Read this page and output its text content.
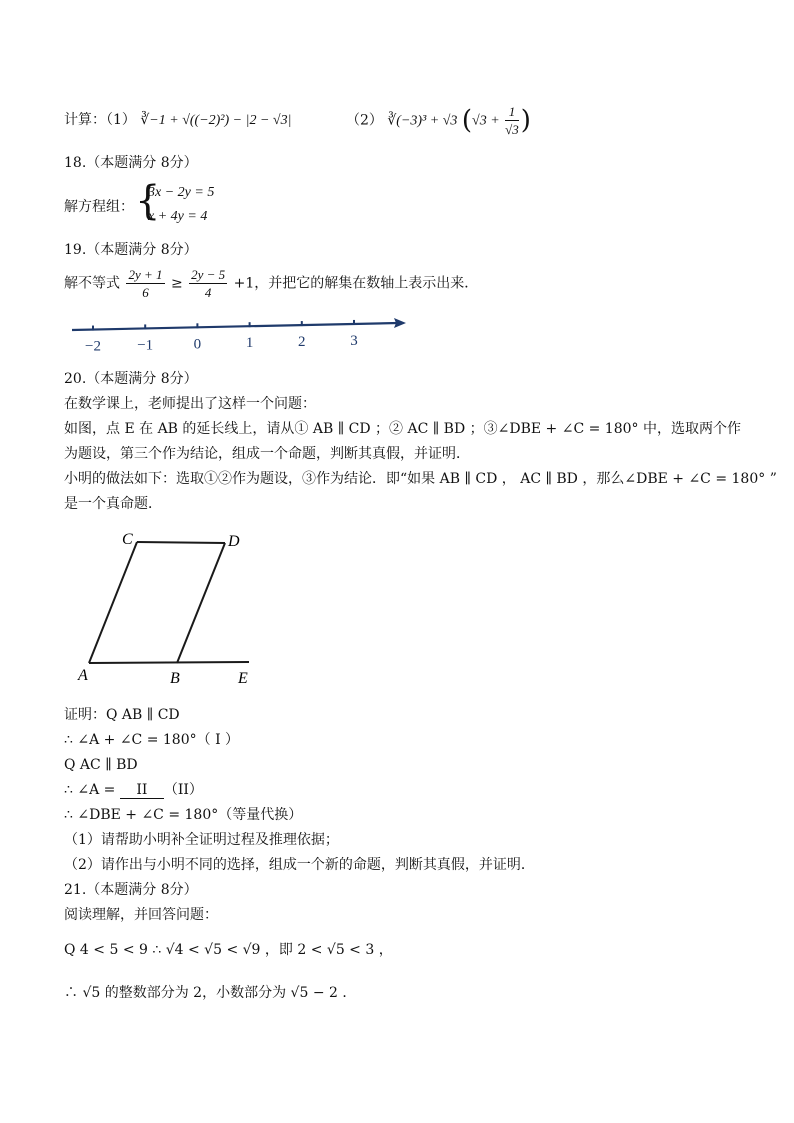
计算：（1） ∛−1 + √((−2)²) − |2 − √3|	（2） ∛(−3)³ + √3 ($√3 + \frac{1}{√3}$ )
18.（本题满分 8分）
解方程组： {
3x − 2y = 5
x + 4y = 4
19.（本题满分 8分）
解不等式 $\frac{2y + 1}{6} \ge \frac{2y - 5}{4} +1$，并把它的解集在数轴上表示出来．
−2 −1	0	1	2	3
20.（本题满分 8分）
在数学课上，老师提出了这样一个问题：
如图，点 E 在 AB 的延长线上，请从① AB ∥ CD ；② AC ∥ BD ；③∠DBE + ∠C = 180° 中，选取两个作
为题设，第三个作为结论，组成一个命题，判断其真假，并证明．
小明的做法如下：选取①②作为题设，③作为结论．即“如果 AB ∥ CD ， AC ∥ BD ，那么∠DBE + ∠C = 180° ”
是一个真命题．
C	D
A	B	E
证明：Q AB ∥ CD
∴ ∠A + ∠C = 180°（ I ）
Q AC ∥ BD
∴ ∠A = II （II）
∴ ∠DBE + ∠C = 180°（等量代换）
（1）请帮助小明补全证明过程及推理依据；
（2）请作出与小明不同的选择，组成一个新的命题，判断其真假，并证明．
21.（本题满分 8分）
阅读理解，并回答问题：
Q 4 < 5 < 9 ∴ √4 < √5 < √9 ，即 2 < √5 < 3 ，
∴ √5 的整数部分为 2，小数部分为 √5 − 2 ．
